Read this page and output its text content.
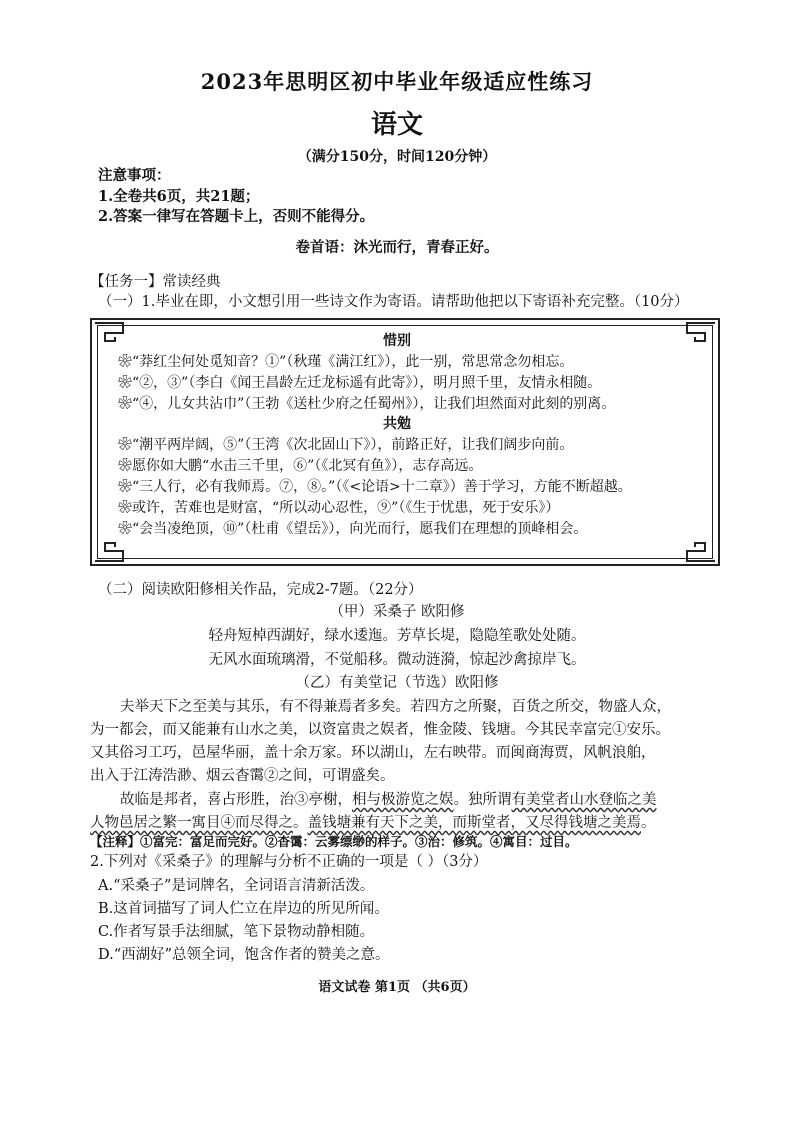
2023年思明区初中毕业年级适应性练习
语文
（满分150分，时间120分钟）
注意事项：
1.全卷共6页，共21题；
2.答案一律写在答题卡上，否则不能得分。
卷首语：沐光而行，青春正好。
【任务一】常读经典
（一）1.毕业在即，小文想引用一些诗文作为寄语。请帮助他把以下寄语补充完整。（10分）
惜别
❀“莽红尘何处觅知音？①”（秋瑾《满江红》），此一别，常思常念勿相忘。
❀“②，③”（李白《闻王昌龄左迁龙标遥有此寄》），明月照千里，友情永相随。
❀“④，儿女共沾巾”（王勃《送杜少府之任蜀州》），让我们坦然面对此刻的别离。
共勉
❀“潮平两岸阔，⑤”（王湾《次北固山下》），前路正好，让我们阔步向前。
❀愿你如大鹏“水击三千里，⑥”（《北冥有鱼》），志存高远。
❀“三人行，必有我师焉。⑦，⑧。”（《<论语>十二章》）善于学习，方能不断超越。
❀或许，苦难也是财富，“所以动心忍性，⑨”（《生于忧患，死于安乐》）
❀“会当凌绝顶，⑩”（杜甫《望岳》），向光而行，愿我们在理想的顶峰相会。
（二）阅读欧阳修相关作品，完成2-7题。（22分）
（甲）采桑子 欧阳修
轻舟短棹西湖好，绿水逶迤。芳草长堤，隐隐笙歌处处随。
无风水面琉璃滑，不觉船移。微动涟漪，惊起沙禽掠岸飞。
（乙）有美堂记（节选）欧阳修
夫举天下之至美与其乐，有不得兼焉者多矣。若四方之所聚，百货之所交，物盛人众，
为一都会，而又能兼有山水之美，以资富贵之娱者，惟金陵、钱塘。今其民幸富完①安乐。
又其俗习工巧，邑屋华丽，盖十余万家。环以湖山，左右映带。而闽商海贾，风帆浪舶，
出入于江涛浩渺、烟云杳霭②之间，可谓盛矣。
故临是邦者，喜占形胜，治③亭榭，相与极游览之娱。独所谓有美堂者山水登临之美
人物邑居之繁一寓目④而尽得之。盖钱塘兼有天下之美，而斯堂者，又尽得钱塘之美焉。
【注释】①富完：富足而完好。②杳霭：云雾缥缈的样子。③治：修筑。④寓目：过目。
2.下列对《采桑子》的理解与分析不正确的一项是（ ）（3分）
A.“采桑子”是词牌名，全词语言清新活泼。
B.这首词描写了词人伫立在岸边的所见所闻。
C.作者写景手法细腻，笔下景物动静相随。
D.“西湖好”总领全词，饱含作者的赞美之意。
语文试卷 第1页 （共6页）
